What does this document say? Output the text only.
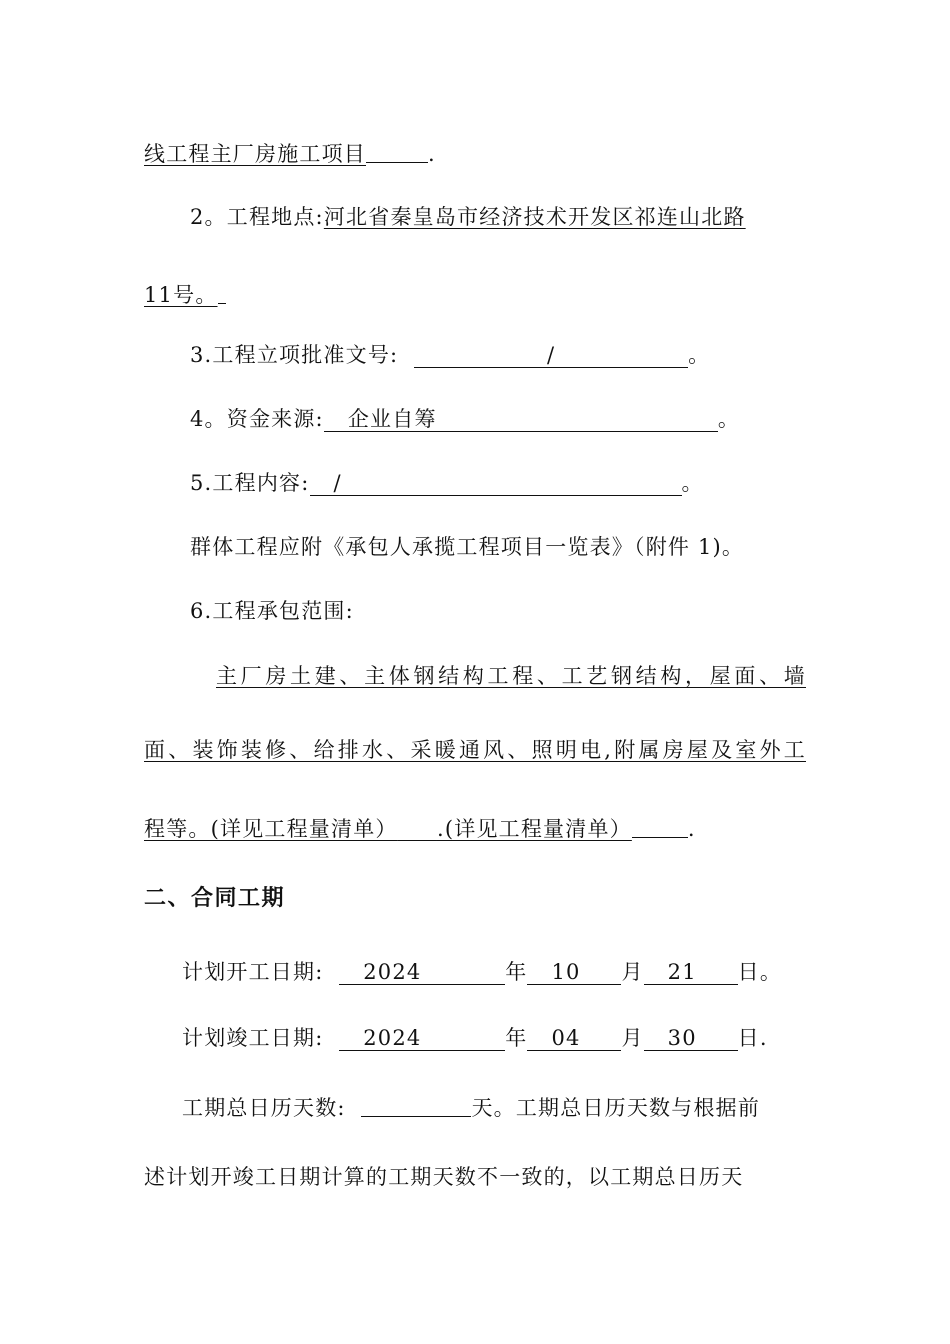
线工程主厂房施工项目	.
2。工程地点:河北省秦皇岛市经济技术开发区祁连山北路
11号。
3.工程立项批准文号:	/	。
4。资金来源: 企业自筹	。
5.工程内容: /	。
群体工程应附《承包人承揽工程项目一览表》（附件 1)。
6.工程承包范围:
主厂房土建、主体钢结构工程、工艺钢结构，屋面、墙
面、装饰装修、给排水、采暖通风、照明电,附属房屋及室外工
程等。(详见工程量清单） .(详见工程量清单）	.
二、合同工期
计划开工日期: 2024	年 10 月 21 日。
计划竣工日期: 2024	年 04 月 30 日.
工期总日历天数:	天。工期总日历天数与根据前
述计划开竣工日期计算的工期天数不一致的，以工期总日历天
